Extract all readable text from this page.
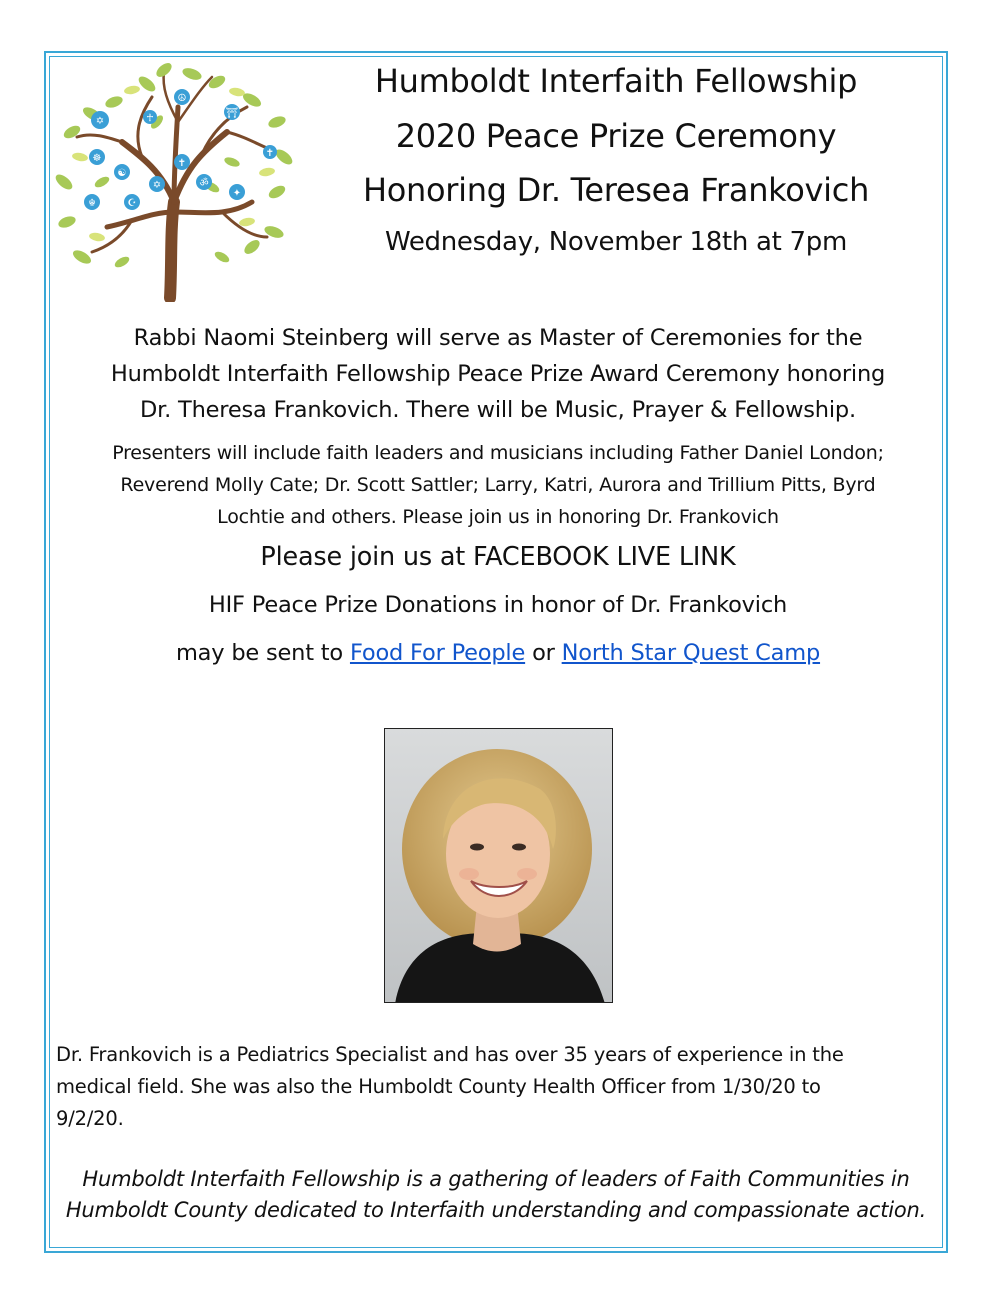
✡
☸
☯
☮
⛩
✝
☪
✡	ॐ
✦
☬
✝
☥
Humboldt Interfaith Fellowship
2020 Peace Prize Ceremony
Honoring Dr. Teresea Frankovich
Wednesday, November 18th at 7pm
Rabbi Naomi Steinberg will serve as Master of Ceremonies for the
Humboldt Interfaith Fellowship Peace Prize Award Ceremony honoring
Dr. Theresa Frankovich. There will be Music, Prayer & Fellowship.
Presenters will include faith leaders and musicians including Father Daniel London;
Reverend Molly Cate; Dr. Scott Sattler; Larry, Katri, Aurora and Trillium Pitts, Byrd
Lochtie and others. Please join us in honoring Dr. Frankovich
Please join us at FACEBOOK LIVE LINK
HIF Peace Prize Donations in honor of Dr. Frankovich
may be sent to Food For People or North Star Quest Camp
Dr. Frankovich is a Pediatrics Specialist and has over 35 years of experience in the
medical field. She was also the Humboldt County Health Officer from 1/30/20 to
9/2/20.
Humboldt Interfaith Fellowship is a gathering of leaders of Faith Communities in
Humboldt County dedicated to Interfaith understanding and compassionate action.
